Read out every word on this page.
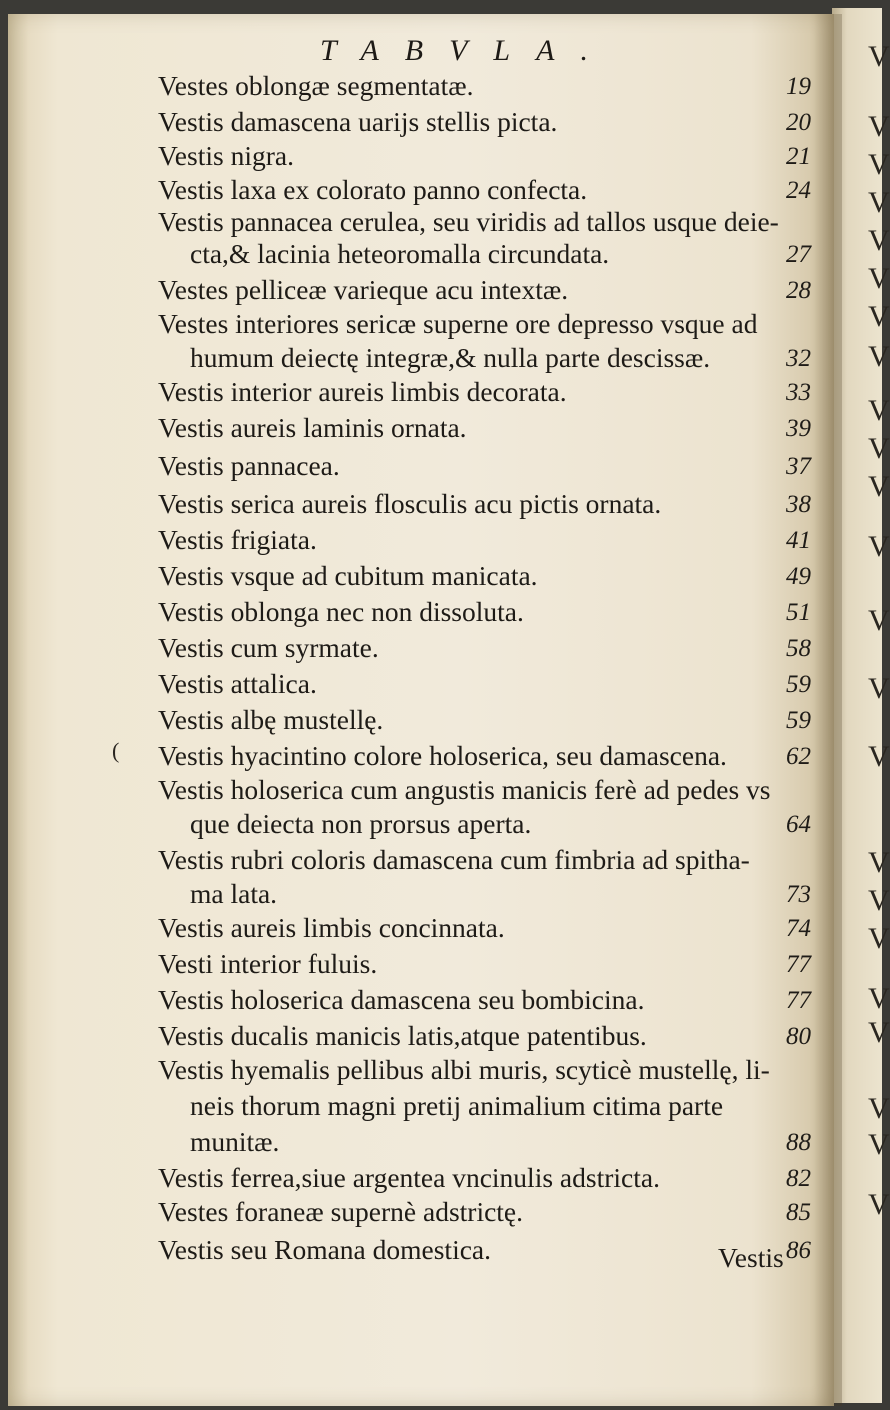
V
V
V
V
V
V
V
V
V
V
V
V
V
V
V
V
V
V
V
V
V
V
V
TABVLA.
Vestes oblongæ segmentatæ.	19
Vestis damascena uarijs stellis picta.	20
Vestis nigra.	21
Vestis laxa ex colorato panno confecta.	24
Vestis pannacea cerulea, seu viridis ad tallos usque deie-
cta,& lacinia heteoromalla circundata.	27
Vestes pelliceæ varieque acu intextæ.	28
Vestes interiores sericæ superne ore depresso vsque ad
humum deiectę integræ,& nulla parte descissæ.	32
Vestis interior aureis limbis decorata.	33
Vestis aureis laminis ornata.	39
Vestis pannacea.	37
Vestis serica aureis flosculis acu pictis ornata.	38
Vestis frigiata.	41
Vestis vsque ad cubitum manicata.	49
Vestis oblonga nec non dissoluta.	51
Vestis cum syrmate.	58
Vestis attalica.	59
Vestis albę mustellę.	59
Vestis hyacintino colore holoserica, seu damascena. 62
Vestis holoserica cum angustis manicis ferè ad pedes vs
que deiecta non prorsus aperta.	64
Vestis rubri coloris damascena cum fimbria ad spitha-
ma lata.	73
Vestis aureis limbis concinnata.	74
Vesti interior fuluis.	77
Vestis holoserica damascena seu bombicina.	77
Vestis ducalis manicis latis,atque patentibus.	80
Vestis hyemalis pellibus albi muris, scyticè mustellę, li-
neis thorum magni pretij animalium citima parte
munitæ.	88
Vestis ferrea,siue argentea vncinulis adstricta.	82
Vestes foraneæ supernè adstrictę.	85
Vestis seu Romana domestica.	86
(
Vestis
